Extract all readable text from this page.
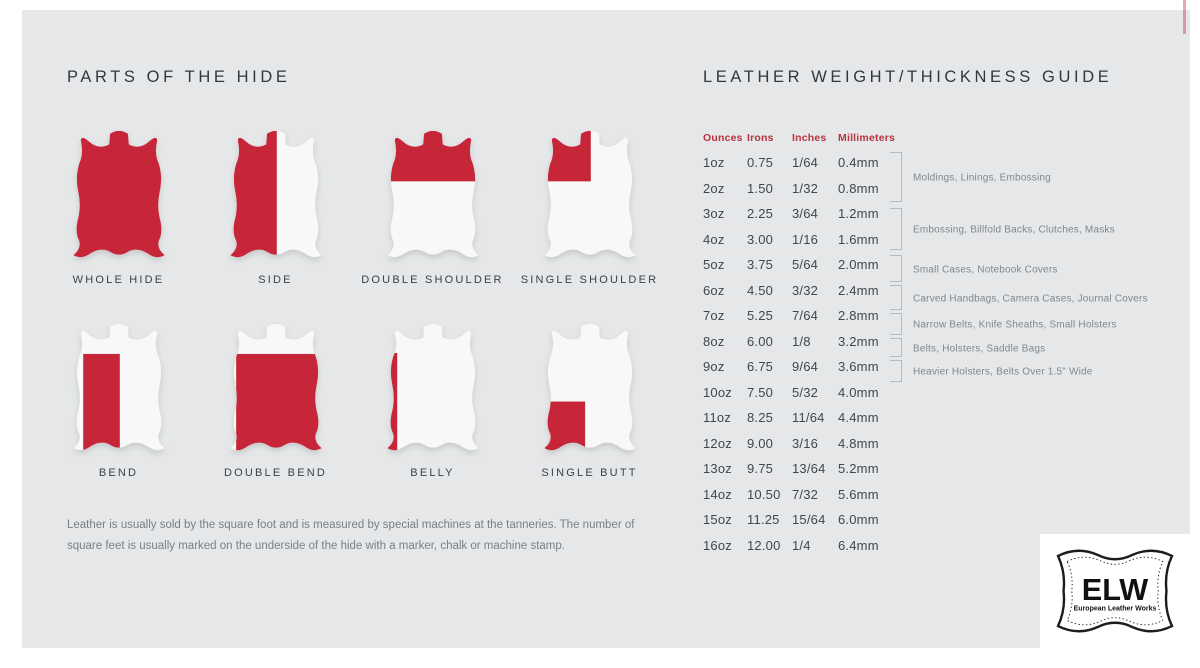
PARTS OF THE HIDE	LEATHER WEIGHT/THICKNESS GUIDE
WHOLE HIDE	SIDE	DOUBLE SHOULDER SINGLE SHOULDER
BEND	DOUBLE BEND	BELLY	SINGLE BUTT
Leather is usually sold by the square foot and is measured by special machines at the tanneries. The number of square feet is usually marked on the underside of the hide with a marker, chalk or machine stamp.
Ounces Irons	Inches	Millimeters
1oz	0.75	1/64	0.4mm
2oz	1.50	1/32	0.8mm
3oz	2.25	3/64	1.2mm
4oz	3.00	1/16	1.6mm
5oz	3.75	5/64	2.0mm
6oz	4.50	3/32	2.4mm
7oz	5.25	7/64	2.8mm
8oz	6.00	1/8	3.2mm
9oz	6.75	9/64	3.6mm
10oz	7.50	5/32	4.0mm
11oz	8.25	11/64	4.4mm
12oz	9.00	3/16	4.8mm
13oz	9.75	13/64 5.2mm
14oz	10.50 7/32	5.6mm
15oz	11.25 15/64 6.0mm
16oz	12.00 1/4	6.4mm
Moldings, Linings, Embossing
Embossing, Billfold Backs, Clutches, Masks
Small Cases, Notebook Covers
Carved Handbags, Camera Cases, Journal Covers
Narrow Belts, Knife Sheaths, Small Holsters
Belts, Holsters, Saddle Bags
Heavier Holsters, Belts Over 1.5" Wide
ELW
European Leather Works
